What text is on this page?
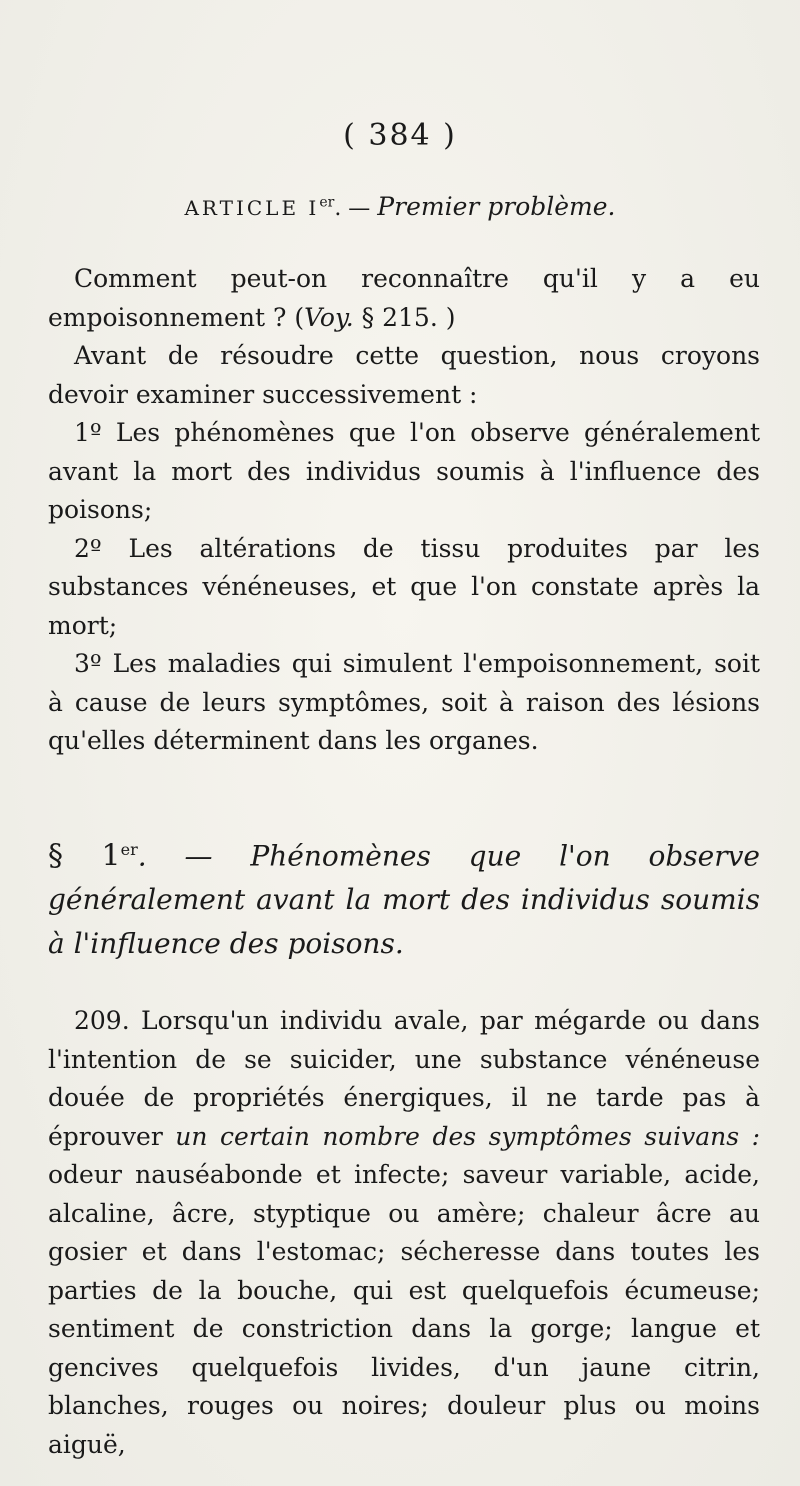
( 384 )
ARTICLE Ier. — Premier problème.

Comment peut-on reconnaître qu'il y a eu empoisonnement ? (Voy. § 215. )

Avant de résoudre cette question, nous croyons devoir examiner successivement :

1º Les phénomènes que l'on observe généralement avant la mort des individus soumis à l'influence des poisons;

2º Les altérations de tissu produites par les substances vénéneuses, et que l'on constate après la mort;

3º Les maladies qui simulent l'empoisonnement, soit à cause de leurs symptômes, soit à raison des lésions qu'elles déterminent dans les organes.

§ 1er. — Phénomènes que l'on observe généralement avant la mort des individus soumis à l'influence des poisons.

209. Lorsqu'un individu avale, par mégarde ou dans l'intention de se suicider, une substance vénéneuse douée de propriétés énergiques, il ne tarde pas à éprouver un certain nombre des symptômes suivans : odeur nauséabonde et infecte; saveur variable, acide, alcaline, âcre, styptique ou amère; chaleur âcre au gosier et dans l'estomac; sécheresse dans toutes les parties de la bouche, qui est quelquefois écumeuse; sentiment de constriction dans la gorge; langue et gencives quelquefois livides, d'un jaune citrin, blanches, rouges ou noires; douleur plus ou moins aiguë,
